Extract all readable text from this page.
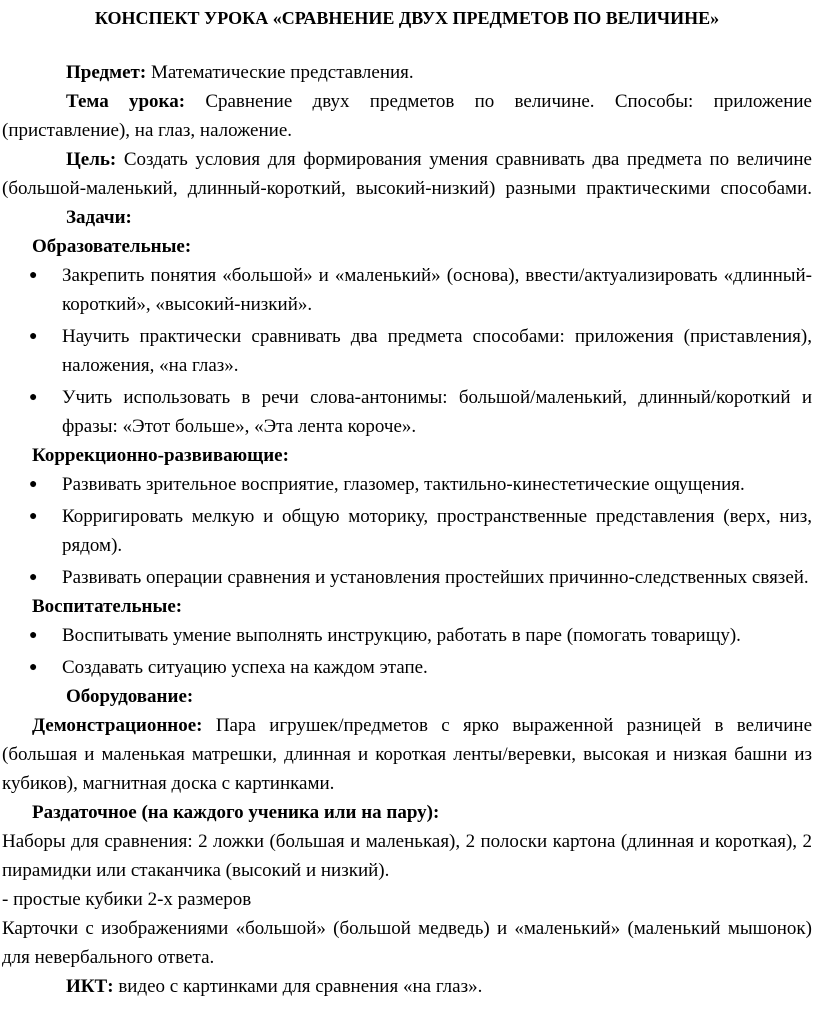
КОНСПЕКТ УРОКА «СРАВНЕНИЕ ДВУХ ПРЕДМЕТОВ ПО ВЕЛИЧИНЕ»

Предмет: Математические представления.

Тема урока: Сравнение двух предметов по величине. Способы: приложение (приставление), на глаз, наложение.

Цель: Создать условия для формирования умения сравнивать два предмета по величине (большой-маленький, длинный-короткий, высокий-низкий) разными практическими способами.

Задачи:

Образовательные:

● Закрепить понятия «большой» и «маленький» (основа), ввести/актуализировать «длинный-короткий», «высокий-низкий».
● Научить практически сравнивать два предмета способами: приложения (приставления), наложения, «на глаз».
● Учить использовать в речи слова-антонимы: большой/маленький, длинный/короткий и фразы: «Этот больше», «Эта лента короче».

Коррекционно-развивающие:

● Развивать зрительное восприятие, глазомер, тактильно-кинестетические ощущения.
● Корригировать мелкую и общую моторику, пространственные представления (верх, низ, рядом).
● Развивать операции сравнения и установления простейших причинно-следственных связей.

Воспитательные:

● Воспитывать умение выполнять инструкцию, работать в паре (помогать товарищу).
● Создавать ситуацию успеха на каждом этапе.

Оборудование:

Демонстрационное: Пара игрушек/предметов с ярко выраженной разницей в величине (большая и маленькая матрешки, длинная и короткая ленты/веревки, высокая и низкая башни из кубиков), магнитная доска с картинками.

Раздаточное (на каждого ученика или на пару):

Наборы для сравнения: 2 ложки (большая и маленькая), 2 полоски картона (длинная и короткая), 2 пирамидки или стаканчика (высокий и низкий).

- простые кубики 2-х размеров

Карточки с изображениями «большой» (большой медведь) и «маленький» (маленький мышонок) для невербального ответа.

ИКТ: видео с картинками для сравнения «на глаз».
